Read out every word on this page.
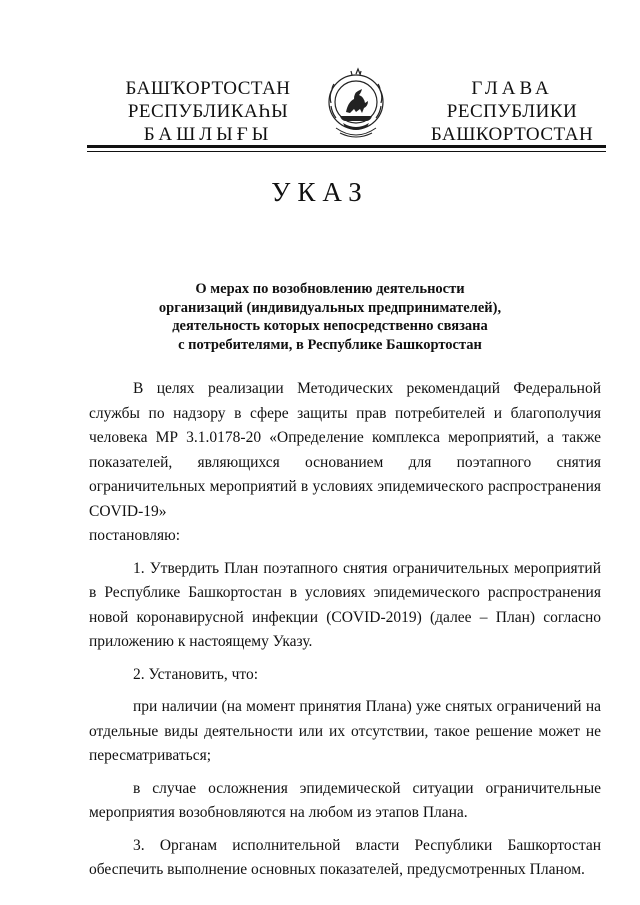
БАШҠОРТОСТАН
РЕСПУБЛИКАҺЫ
БАШЛЫҒЫ
ГЛАВА
РЕСПУБЛИКИ
БАШКОРТОСТАН
УКАЗ
О мерах по возобновлению деятельности
организаций (индивидуальных предпринимателей),
деятельность которых непосредственно связана
с потребителями, в Республике Башкортостан

В целях реализации Методических рекомендаций Федеральной службы по надзору в сфере защиты прав потребителей и благополучия человека МР 3.1.0178-20 «Определение комплекса мероприятий, а также показателей, являющихся основанием для поэтапного снятия ограничительных мероприятий в условиях эпидемического распространения COVID-19»

постановляю:

1. Утвердить План поэтапного снятия ограничительных мероприятий в Республике Башкортостан в условиях эпидемического распространения новой коронавирусной инфекции (COVID-2019) (далее – План) согласно приложению к настоящему Указу.

2. Установить, что:

при наличии (на момент принятия Плана) уже снятых ограничений на отдельные виды деятельности или их отсутствии, такое решение может не пересматриваться;

в случае осложнения эпидемической ситуации ограничительные мероприятия возобновляются на любом из этапов Плана.

3. Органам исполнительной власти Республики Башкортостан обеспечить выполнение основных показателей, предусмотренных Планом.
